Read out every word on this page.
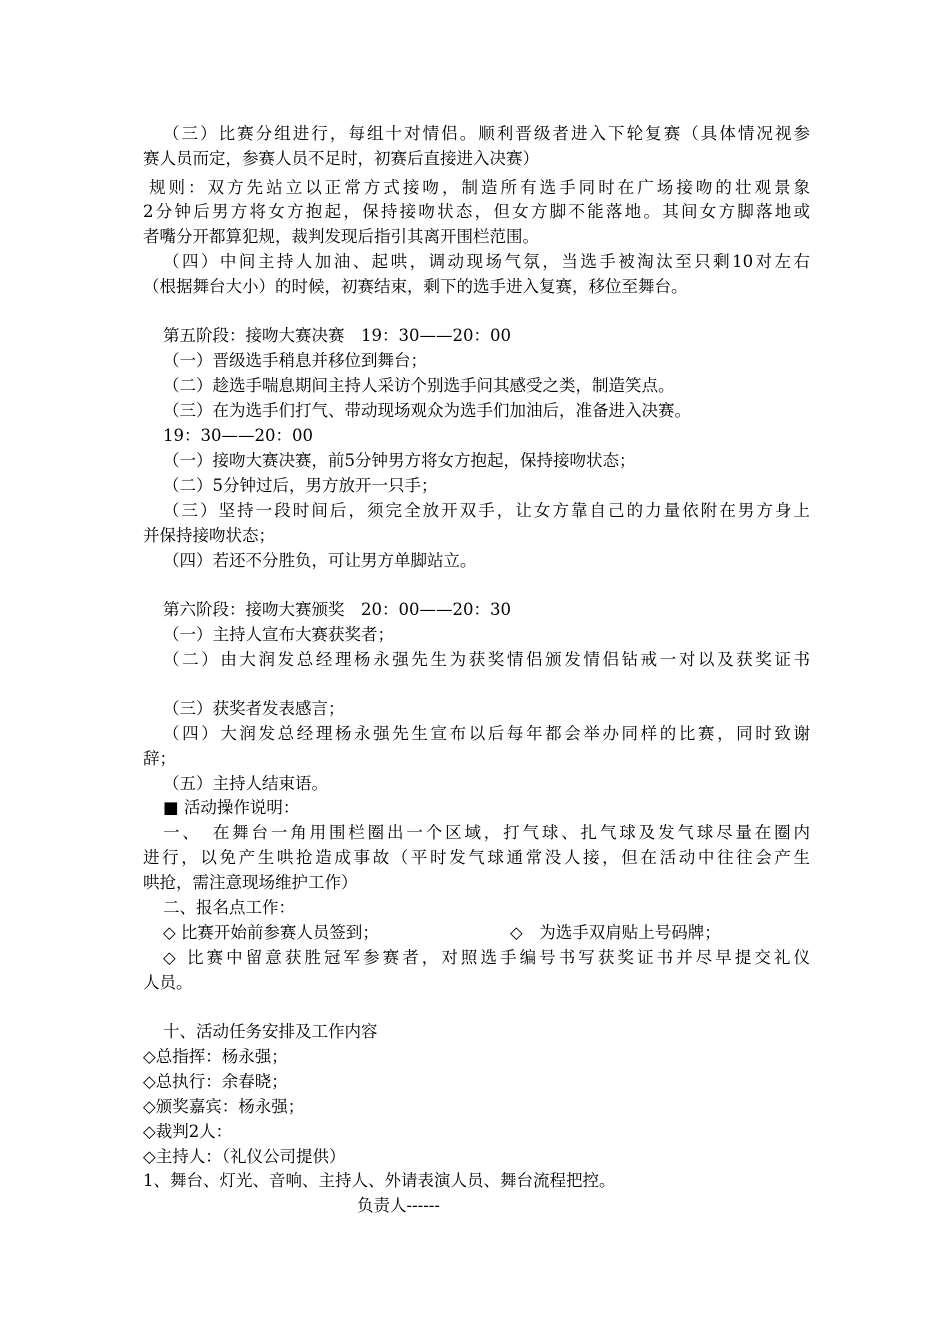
（三）比赛分组进行，每组十对情侣。顺利晋级者进入下轮复赛（具体情况视参
赛人员而定，参赛人员不足时，初赛后直接进入决赛）
规则：双方先站立以正常方式接吻，制造所有选手同时在广场接吻的壮观景象
2分钟后男方将女方抱起，保持接吻状态，但女方脚不能落地。其间女方脚落地或
者嘴分开都算犯规，裁判发现后指引其离开围栏范围。
（四）中间主持人加油、起哄，调动现场气氛，当选手被淘汰至只剩10对左右
（根据舞台大小）的时候，初赛结束，剩下的选手进入复赛，移位至舞台。
第五阶段：接吻大赛决赛　19：30——20：00
（一）晋级选手稍息并移位到舞台；
（二）趁选手喘息期间主持人采访个别选手问其感受之类，制造笑点。
（三）在为选手们打气、带动现场观众为选手们加油后，准备进入决赛。
19：30——20：00
（一）接吻大赛决赛，前5分钟男方将女方抱起，保持接吻状态；
（二）5分钟过后，男方放开一只手；
（三）坚持一段时间后，须完全放开双手，让女方靠自己的力量依附在男方身上
并保持接吻状态；
（四）若还不分胜负，可让男方单脚站立。
第六阶段：接吻大赛颁奖　20：00——20：30
（一）主持人宣布大赛获奖者；
（二）由大润发总经理杨永强先生为获奖情侣颁发情侣钻戒一对以及获奖证书
（三）获奖者发表感言；
（四）大润发总经理杨永强先生宣布以后每年都会举办同样的比赛，同时致谢
辞；
（五）主持人结束语。
■ 活动操作说明：
一、　在舞台一角用围栏圈出一个区域，打气球、扎气球及发气球尽量在圈内
进行，以免产生哄抢造成事故（平时发气球通常没人接，但在活动中往往会产生
哄抢，需注意现场维护工作）
二、报名点工作：
◇ 比赛开始前参赛人员签到；	◇　为选手双肩贴上号码牌；
◇ 比赛中留意获胜冠军参赛者，对照选手编号书写获奖证书并尽早提交礼仪
人员。
十、活动任务安排及工作内容
◇总指挥：杨永强；
◇总执行：余春晓；
◇颁奖嘉宾：杨永强；
◇裁判2人：
◇主持人：（礼仪公司提供）
1、舞台、灯光、音响、主持人、外请表演人员、舞台流程把控。
负责人------
